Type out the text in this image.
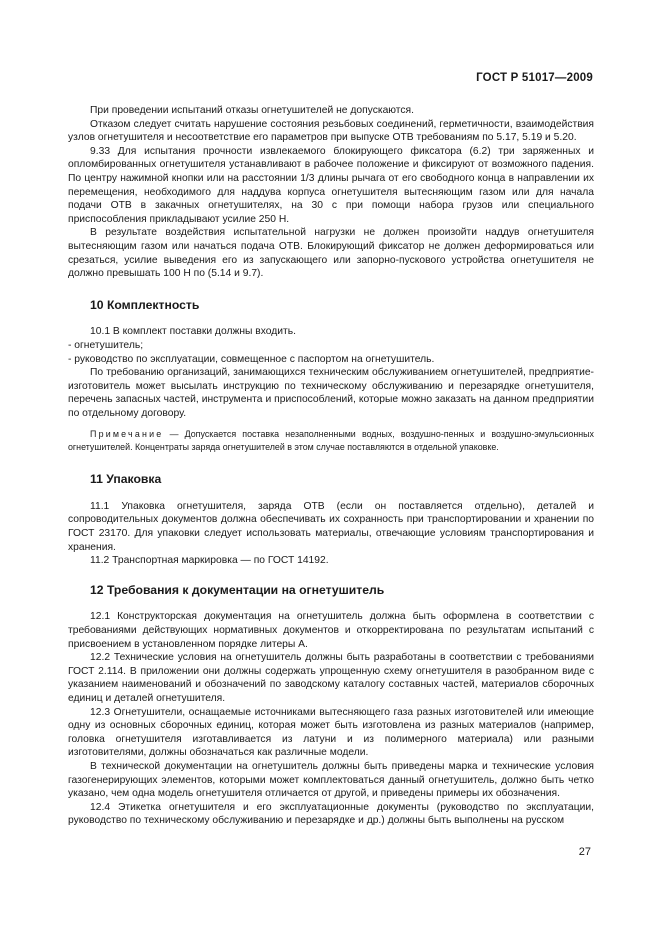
ГОСТ Р 51017—2009

При проведении испытаний отказы огнетушителей не допускаются.

Отказом следует считать нарушение состояния резьбовых соединений, герметичности, взаимодействия узлов огнетушителя и несоответствие его параметров при выпуске ОТВ требованиям по 5.17, 5.19 и 5.20.

9.33 Для испытания прочности извлекаемого блокирующего фиксатора (6.2) три заряженных и опломбированных огнетушителя устанавливают в рабочее положение и фиксируют от возможного падения. По центру нажимной кнопки или на расстоянии 1/3 длины рычага от его свободного конца в направлении их перемещения, необходимого для наддува корпуса огнетушителя вытесняющим газом или для начала подачи ОТВ в закачных огнетушителях, на 30 с при помощи набора грузов или специального приспособления прикладывают усилие 250 Н.

В результате воздействия испытательной нагрузки не должен произойти наддув огнетушителя вытесняющим газом или начаться подача ОТВ. Блокирующий фиксатор не должен деформироваться или срезаться, усилие выведения его из запускающего или запорно-пускового устройства огнетушителя не должно превышать 100 Н по (5.14 и 9.7).

10 Комплектность

10.1 В комплект поставки должны входить.

- огнетушитель;

- руководство по эксплуатации, совмещенное с паспортом на огнетушитель.

По требованию организаций, занимающихся техническим обслуживанием огнетушителей, предприятие-изготовитель может высылать инструкцию по техническому обслуживанию и перезарядке огнетушителя, перечень запасных частей, инструмента и приспособлений, которые можно заказать на данном предприятии по отдельному договору.

Примечание — Допускается поставка незаполненными водных, воздушно-пенных и воздушно-эмульсионных огнетушителей. Концентраты заряда огнетушителей в этом случае поставляются в отдельной упаковке.

11 Упаковка

11.1 Упаковка огнетушителя, заряда ОТВ (если он поставляется отдельно), деталей и сопроводительных документов должна обеспечивать их сохранность при транспортировании и хранении по ГОСТ 23170. Для упаковки следует использовать материалы, отвечающие условиям транспортирования и хранения.

11.2 Транспортная маркировка — по ГОСТ 14192.

12 Требования к документации на огнетушитель

12.1 Конструкторская документация на огнетушитель должна быть оформлена в соответствии с требованиями действующих нормативных документов и откорректирована по результатам испытаний с присвоением в установленном порядке литеры А.

12.2 Технические условия на огнетушитель должны быть разработаны в соответствии с требованиями ГОСТ 2.114. В приложении они должны содержать упрощенную схему огнетушителя в разобранном виде с указанием наименований и обозначений по заводскому каталогу составных частей, материалов сборочных единиц и деталей огнетушителя.

12.3 Огнетушители, оснащаемые источниками вытесняющего газа разных изготовителей или имеющие одну из основных сборочных единиц, которая может быть изготовлена из разных материалов (например, головка огнетушителя изготавливается из латуни и из полимерного материала) или разными изготовителями, должны обозначаться как различные модели.

В технической документации на огнетушитель должны быть приведены марка и технические условия газогенерирующих элементов, которыми может комплектоваться данный огнетушитель, должно быть четко указано, чем одна модель огнетушителя отличается от другой, и приведены примеры их обозначения.

12.4 Этикетка огнетушителя и его эксплуатационные документы (руководство по эксплуатации, руководство по техническому обслуживанию и перезарядке и др.) должны быть выполнены на русском

27
